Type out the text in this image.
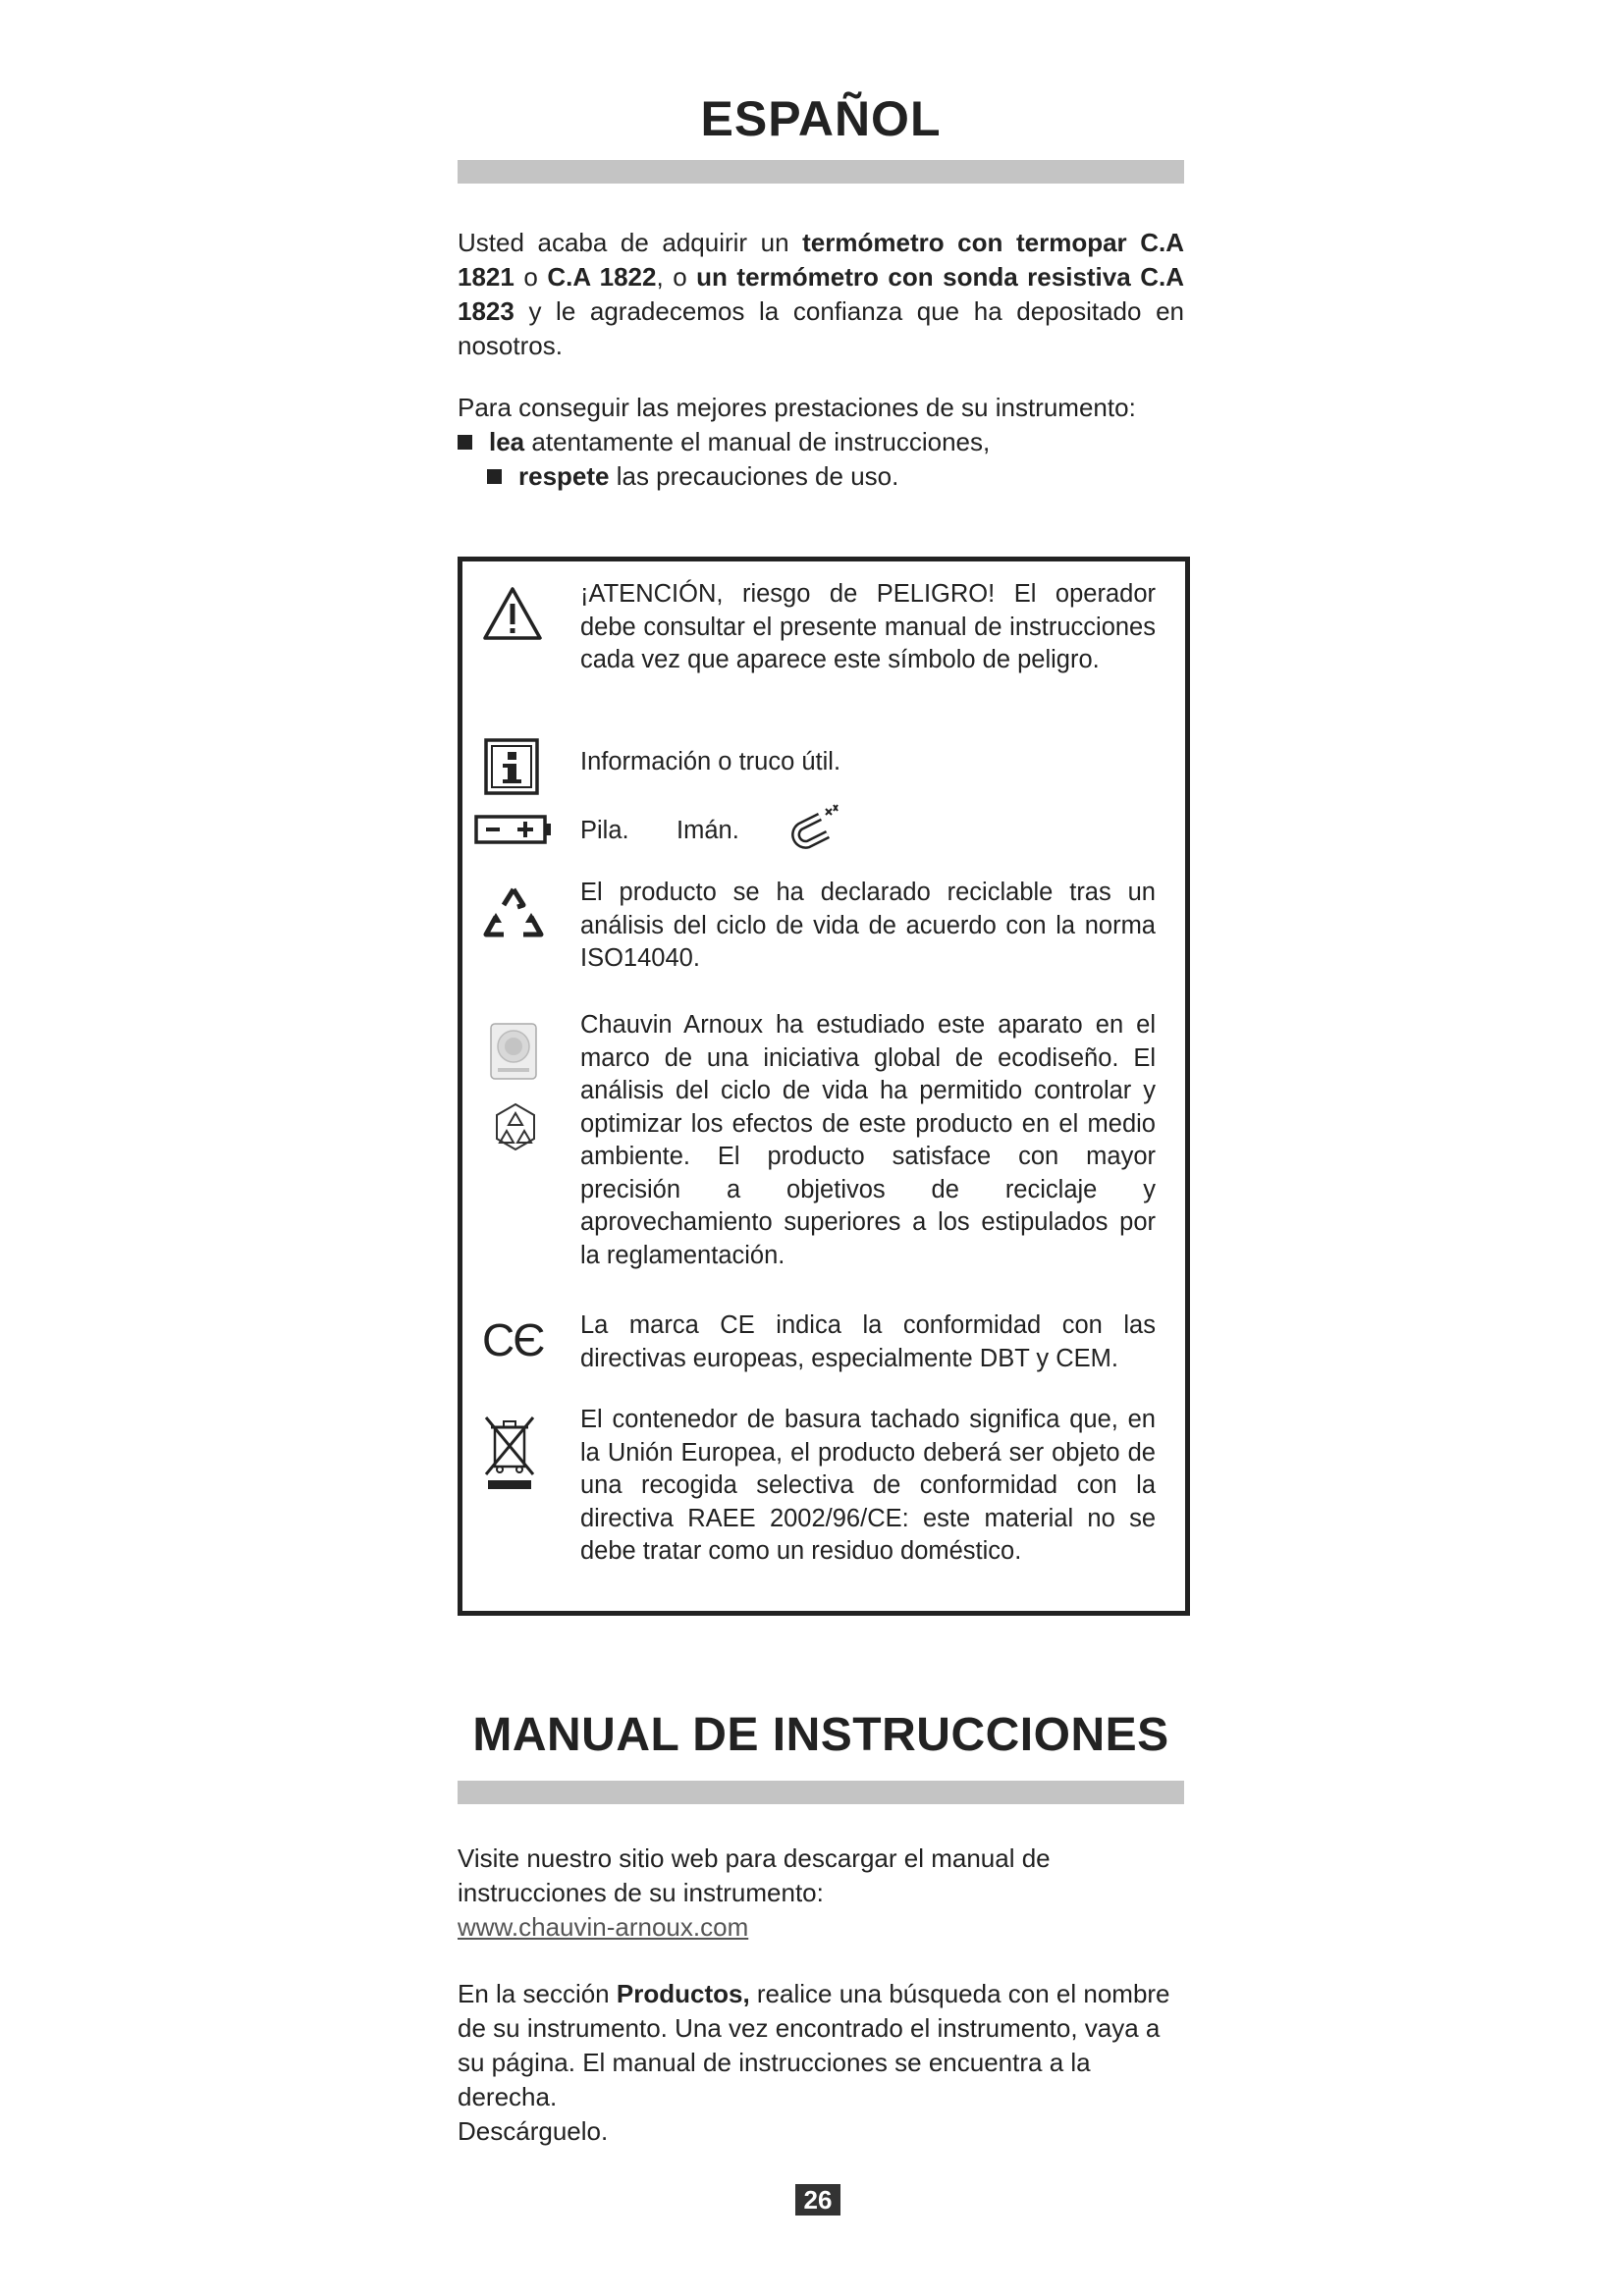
ESPAÑOL
Usted acaba de adquirir un termómetro con termopar C.A 1821 o C.A 1822, o un termómetro con sonda resistiva C.A 1823 y le agradecemos la confianza que ha depositado en nosotros.
Para conseguir las mejores prestaciones de su instrumento:
lea atentamente el manual de instrucciones,
respete las precauciones de uso.
¡ATENCIÓN, riesgo de PELIGRO! El operador debe consultar el presente manual de instrucciones cada vez que aparece este símbolo de peligro.
Información o truco útil.
Pila.	Imán.
El producto se ha declarado reciclable tras un análisis del ciclo de vida de acuerdo con la norma ISO14040.
Chauvin Arnoux ha estudiado este aparato en el marco de una iniciativa global de ecodiseño. El análisis del ciclo de vida ha permitido controlar y optimizar los efectos de este producto en el medio ambiente. El producto satisface con mayor precisión a objetivos de reciclaje y aprovechamiento superiores a los estipulados por la reglamentación.
CЄ La marca CE indica la conformidad con las directivas europeas, especialmente DBT y CEM.
El contenedor de basura tachado significa que, en la Unión Europea, el producto deberá ser objeto de una recogida selectiva de conformidad con la directiva RAEE 2002/96/CE: este material no se debe tratar como un residuo doméstico.
MANUAL DE INSTRUCCIONES
Visite nuestro sitio web para descargar el manual de instrucciones de su instrumento:
www.chauvin-arnoux.com
En la sección Productos, realice una búsqueda con el nombre de su instrumento. Una vez encontrado el instrumento, vaya a su página. El manual de instrucciones se encuentra a la derecha.
Descárguelo.
26
